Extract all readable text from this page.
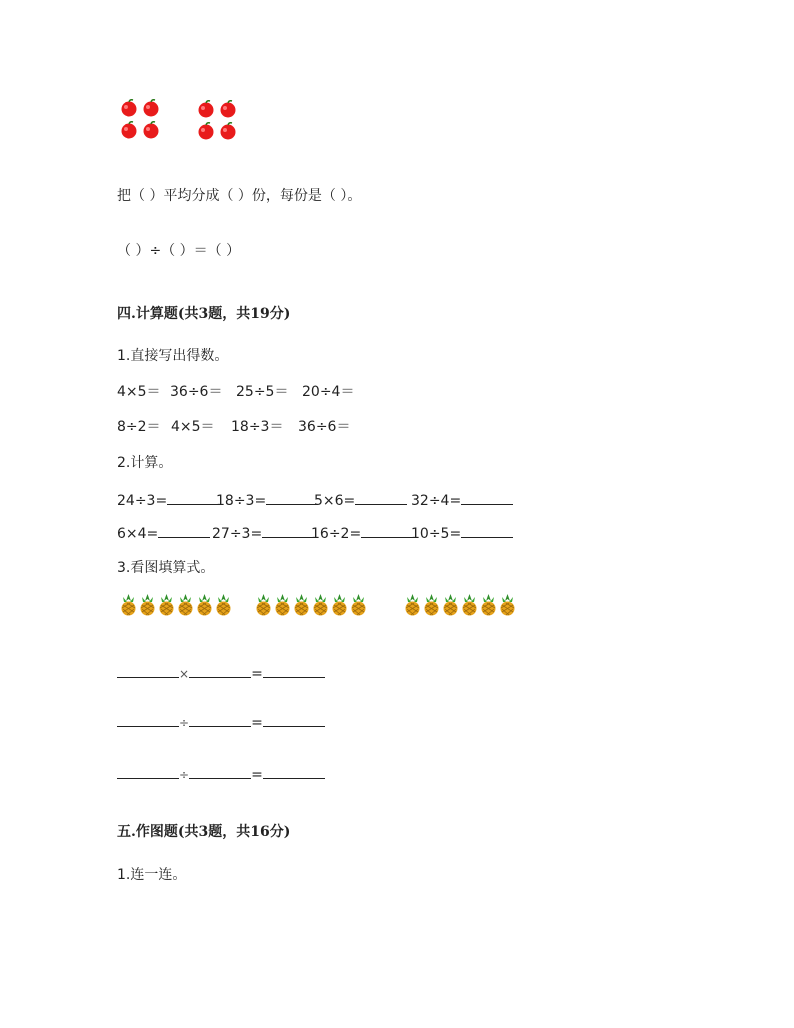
把（ ）平均分成（ ）份，每份是（ ）。
（ ）÷（ ）＝（ ）
四.计算题(共3题，共19分)
1.直接写出得数。
4×5＝ 36÷6＝ 25÷5＝ 20÷4＝
8÷2＝ 4×5＝ 18÷3＝ 36÷6＝
2.计算。
24÷3=	18÷3=	5×6=	32÷4=
6×4=	27÷3=	16÷2=	10÷5=
3.看图填算式。
×	=
÷	=
÷	=
五.作图题(共3题，共16分)
1.连一连。
